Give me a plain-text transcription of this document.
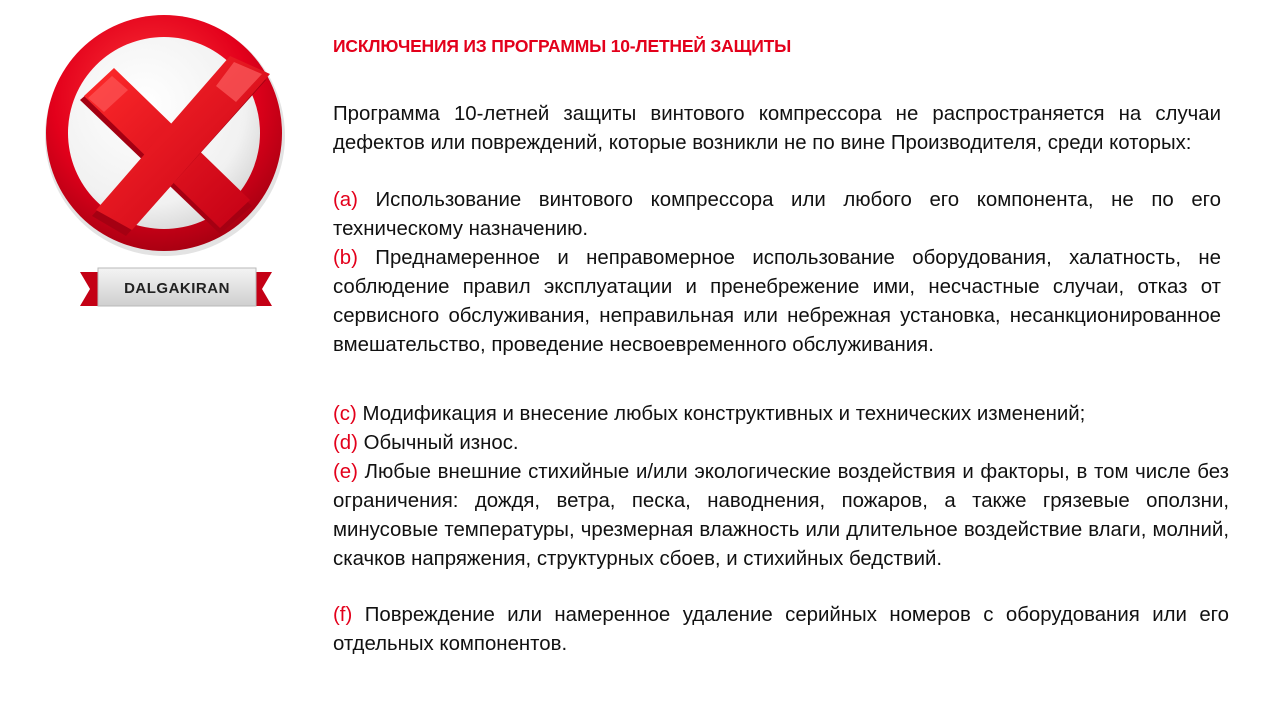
DALGAKIRAN
ИСКЛЮЧЕНИЯ ИЗ ПРОГРАММЫ 10-ЛЕТНЕЙ ЗАЩИТЫ
Программа 10-летней защиты винтового компрессора не распространяется на случаи дефектов или повреждений, которые возникли не по вине Производителя, среди которых:
(a) Использование винтового компрессора или любого его компонента, не по его техническому назначению.
(b) Преднамеренное и неправомерное использование оборудования, халатность, не соблюдение правил эксплуатации и пренебрежение ими, несчастные случаи, отказ от сервисного обслуживания, неправильная или небрежная установка, несанкционированное вмешательство, проведение несвоевременного обслуживания.
(c) Модификация и внесение любых конструктивных и технических изменений;
(d) Обычный износ.
(e) Любые внешние стихийные и/или экологические воздействия и факторы, в том числе без ограничения: дождя, ветра, песка, наводнения, пожаров, а также грязевые оползни, минусовые температуры, чрезмерная влажность или длительное воздействие влаги, молний, скачков напряжения, структурных сбоев, и стихийных бедствий.
(f) Повреждение или намеренное удаление серийных номеров с оборудования или его отдельных компонентов.
